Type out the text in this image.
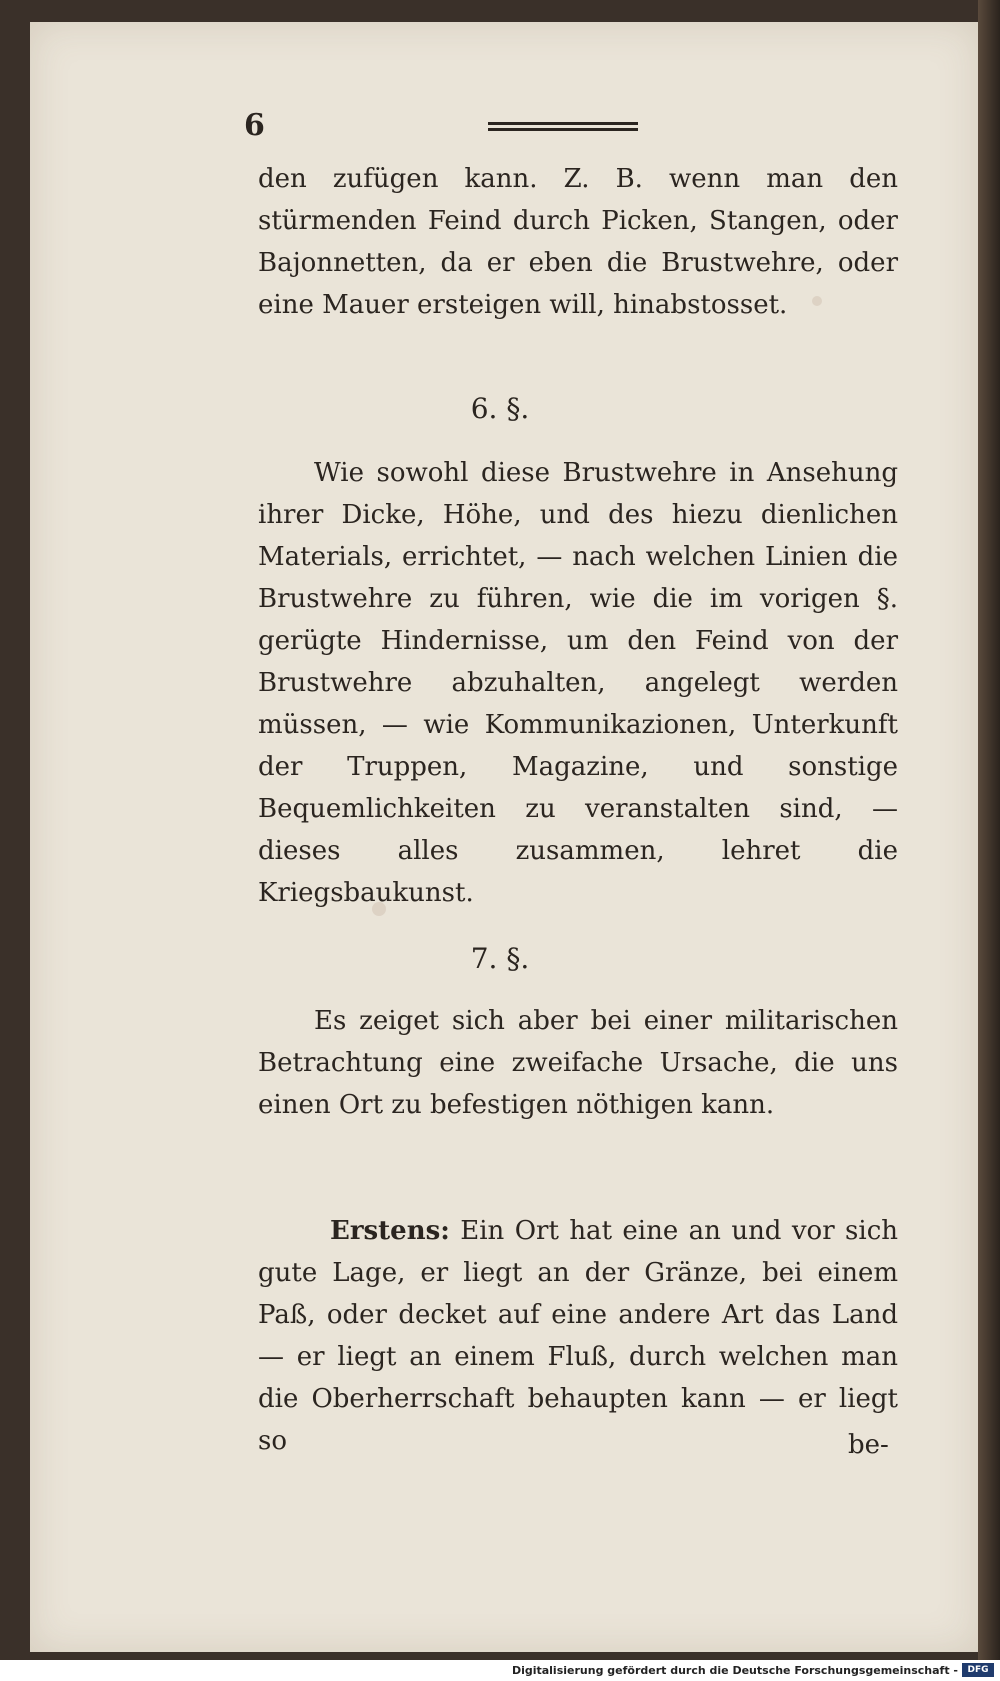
6

den zufügen kann. Z. B. wenn man den stürmenden Feind durch Picken, Stangen, oder Bajonnetten, da er eben die Brustwehre, oder eine Mauer ersteigen will, hinabstosset.

6. §.

Wie sowohl diese Brustwehre in Ansehung ihrer Dicke, Höhe, und des hiezu dienlichen Materials, errichtet, — nach welchen Linien die Brustwehre zu führen, wie die im vorigen §. gerügte Hindernisse, um den Feind von der Brustwehre abzuhalten, angelegt werden müssen, — wie Kommunikazionen, Unterkunft der Truppen, Magazine, und sonstige Bequemlichkeiten zu veranstalten sind, — dieses alles zusammen, lehret die Kriegsbaukunst.

7. §.

Es zeiget sich aber bei einer militarischen Betrachtung eine zweifache Ursache, die uns einen Ort zu befestigen nöthigen kann.

Erstens: Ein Ort hat eine an und vor sich gute Lage, er liegt an der Gränze, bei einem Paß, oder decket auf eine andere Art das Land — er liegt an einem Fluß, durch welchen man die Oberherrschaft behaupten kann — er liegt so	be-
Digitalisierung gefördert durch die Deutsche Forschungsgemeinschaft -	DFG
